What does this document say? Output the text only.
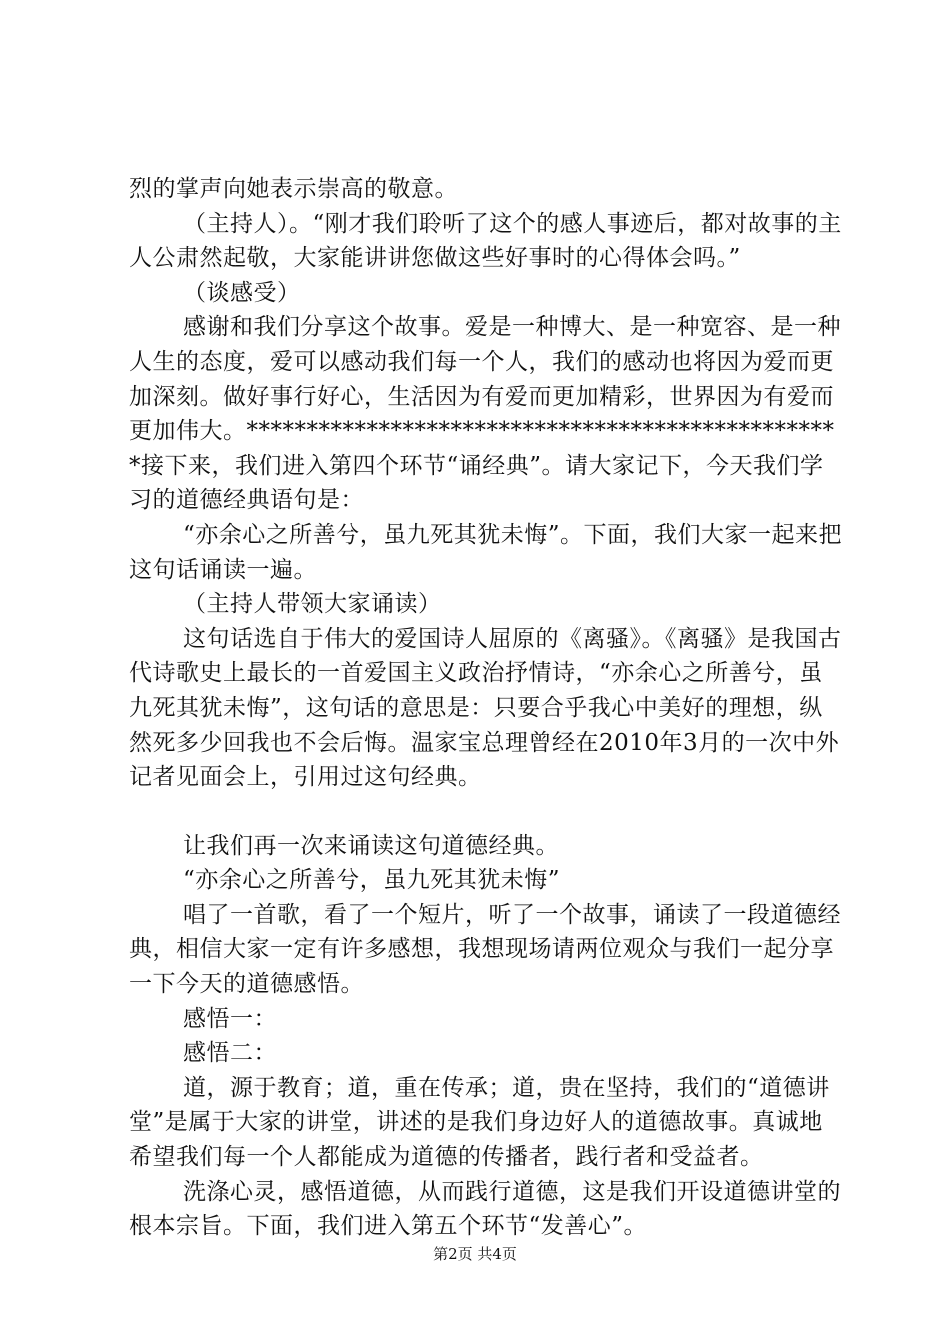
烈的掌声向她表示崇高的敬意。

（主持人）。“刚才我们聆听了这个的感人事迹后，都对故事的主人公肃然起敬，大家能讲讲您做这些好事时的心得体会吗。”

（谈感受）

感谢和我们分享这个故事。爱是一种博大、是一种宽容、是一种人生的态度，爱可以感动我们每一个人，我们的感动也将因为爱而更加深刻。做好事行好心，生活因为有爱而更加精彩，世界因为有爱而更加伟大。**************************************************接下来，我们进入第四个环节“诵经典”。请大家记下，今天我们学习的道德经典语句是：

“亦余心之所善兮，虽九死其犹未悔”。下面，我们大家一起来把这句话诵读一遍。

（主持人带领大家诵读）

这句话选自于伟大的爱国诗人屈原的《离骚》。《离骚》是我国古代诗歌史上最长的一首爱国主义政治抒情诗，“亦余心之所善兮，虽九死其犹未悔”，这句话的意思是：只要合乎我心中美好的理想，纵然死多少回我也不会后悔。温家宝总理曾经在2010年3月的一次中外记者见面会上，引用过这句经典。

让我们再一次来诵读这句道德经典。

“亦余心之所善兮，虽九死其犹未悔”

唱了一首歌，看了一个短片，听了一个故事，诵读了一段道德经典，相信大家一定有许多感想，我想现场请两位观众与我们一起分享一下今天的道德感悟。

感悟一：

感悟二：

道，源于教育；道，重在传承；道，贵在坚持，我们的“道德讲堂”是属于大家的讲堂，讲述的是我们身边好人的道德故事。真诚地希望我们每一个人都能成为道德的传播者，践行者和受益者。

洗涤心灵，感悟道德，从而践行道德，这是我们开设道德讲堂的根本宗旨。下面，我们进入第五个环节“发善心”。

第2页 共4页
